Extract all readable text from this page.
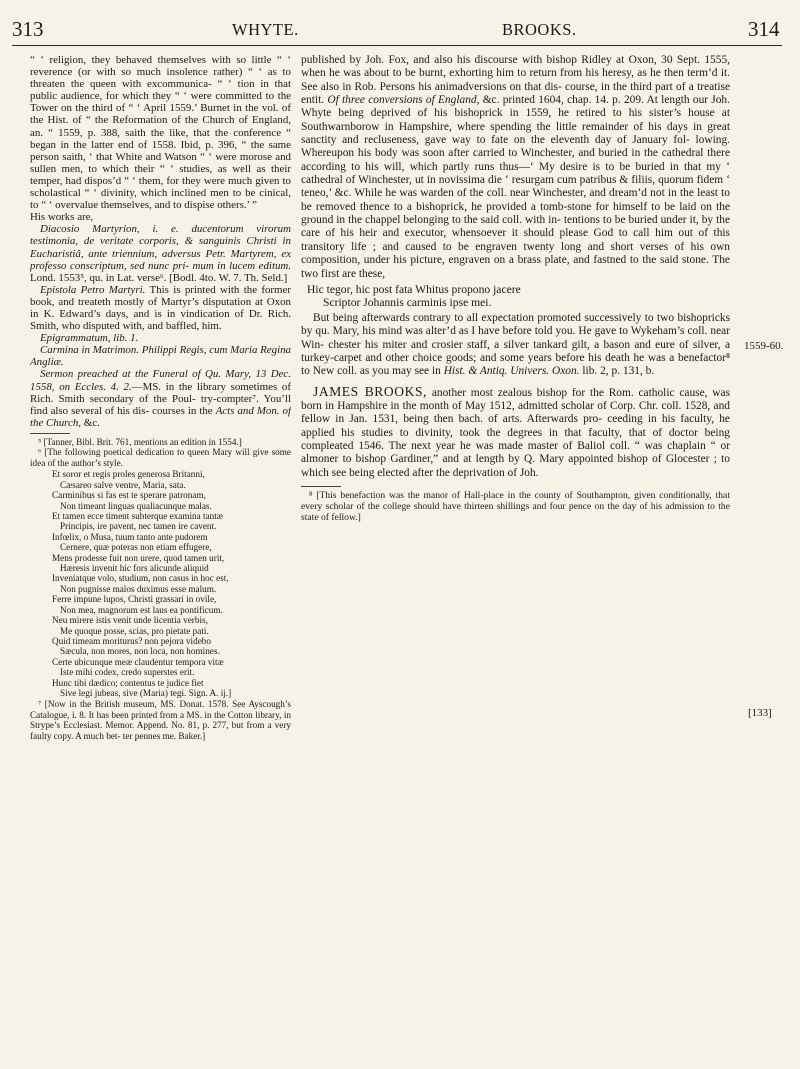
313	WHYTE.	BROOKS.	314
1559-60.
[133]

“ ‘ religion, they behaved themselves with so little “ ‘ reverence (or with so much insolence rather) “ ‘ as to threaten the queen with excommunica- “ ‘ tion in that public audience, for which they “ ‘ were committed to the Tower on the third of “ ‘ April 1559.’ Burnet in the vol. of the Hist. of “ the Reformation of the Church of England, an. “ 1559, p. 388, saith the like, that the conference “ began in the latter end of 1558. Ibid, p. 396, “ the same person saith, ‘ that White and Watson “ ‘ were morose and sullen men, to which their “ ‘ studies, as well as their temper, had dispos’d “ ‘ them, for they were much given to scholastical “ ‘ divinity, which inclined men to be cinical, to “ ‘ overvalue themselves, and to dispise others.’ ”

His works are,

Diacosio Martyrion, i. e. ducentorum virorum testimonia, de veritate corporis, & sanguinis Christi in Eucharistiâ, ante triennium, adversus Petr. Martyrem, ex professo conscriptum, sed nunc pri- mum in lucem editum. Lond. 1553⁵, qu. in Lat. verse⁶. [Bodl. 4to. W. 7. Th. Seld.]

Epistola Petro Martyri. This is printed with the former book, and treateth mostly of Martyr’s disputation at Oxon in K. Edward’s days, and is in vindication of Dr. Rich. Smith, who disputed with, and baffled, him.

Epigrammatum, lib. 1.

Carmina in Matrimon. Philippi Regis, cum Maria Regina Angliæ.

Sermon preached at the Funeral of Qu. Mary, 13 Dec. 1558, on Eccles. 4. 2.—MS. in the library sometimes of Rich. Smith secondary of the Poul- try-compter⁷. You’ll find also several of his dis- courses in the Acts and Mon. of the Church, &c.

⁵ [Tanner, Bibl. Brit. 761, mentions an edition in 1554.]

⁶ [The following poetical dedication to queen Mary will give some idea of the author’s style.

Et soror et regis proles generosa Britanni,
Cæsareo salve ventre, Maria, sata.
Carminibus si fas est te sperare patronam,
Non timeant linguas qualiacunque malas.
Et tamen ecce timent subterque examina tantæ
Principis, ire pavent, nec tamen ire cavent.
Infœlix, o Musa, tuum tanto ante pudorem
Cernere, quæ poteras non etiam effugere,
Mens prodesse fuit non urere, quod tamen urit,
Hæresis invenit hic fors alicunde aliquid
Inveniatque volo, studium, non casus in hoc est,
Non pugnisse malos duximus esse malum.
Ferre impune lupos, Christi grassari in ovile,
Non mea, magnorum est laus ea pontificum.
Neu mirere istis venit unde licentia verbis,
Me quoque posse, scias, pro pietate pati.
Quid timeam moriturus? non pejora videbo
Sæcula, non mores, non loca, non homines.
Certe ubicunque meæ claudentur tempora vitæ
Iste mihi codex, credo superstes erit.
Hunc tibi dædico; contentus te judice fiet
Sive legi jubeas, sive (Maria) tegi. Sign. A. ij.]

⁷ [Now in the British museum, MS. Donat. 1578. See Ayscough’s Catalogue, i. 8. It has been printed from a MS. in the Cotton library, in Strype’s Ecclesiast. Memor. Append. No. 81, p. 277, but from a very faulty copy. A much bet- ter pennes me. Baker.]

published by Joh. Fox, and also his discourse with bishop Ridley at Oxon, 30 Sept. 1555, when he was about to be burnt, exhorting him to return from his heresy, as he then term’d it. See also in Rob. Persons his animadversions on that dis- course, in the third part of a treatise entit. Of three conversions of England, &c. printed 1604, chap. 14. p. 209. At length our Joh. Whyte being deprived of his bishoprick in 1559, he retired to his sister’s house at Southwarnborow in Hampshire, where spending the little remainder of his days in great sanctity and recluseness, gave way to fate on the eleventh day of January fol- lowing. Whereupon his body was soon after carried to Winchester, and buried in the cathedral there according to his will, which partly runs thus—‘ My desire is to be buried in that my ‘ cathedral of Winchester, ut in novissima die ‘ resurgam cum patribus & filiis, quorum fidem ‘ teneo,’ &c. While he was warden of the coll. near Winchester, and dream’d not in the least to be removed thence to a bishoprick, he provided a tomb-stone for himself to be laid on the ground in the chappel belonging to the said coll. with in- tentions to be buried under it, by the care of his heir and executor, whensoever it should please God to call him out of this transitory life ; and caused to be engraven twenty long and short verses of his own composition, under his picture, engraven on a brass plate, and fastned to the said stone. The two first are these,

Hic tegor, hic post fata Whitus propono jacere
Scriptor Johannis carminis ipse mei.

But being afterwards contrary to all expectation promoted successively to two bishopricks by qu. Mary, his mind was alter’d as I have before told you. He gave to Wykeham’s coll. near Win- chester his miter and crosier staff, a silver tankard gilt, a bason and eure of silver, a turkey-carpet and other choice goods; and some years before his death he was a benefactor⁸ to New coll. as you may see in Hist. & Antiq. Univers. Oxon. lib. 2, p. 131, b.

JAMES BROOKS, another most zealous bishop for the Rom. catholic cause, was born in Hampshire in the month of May 1512, admitted scholar of Corp. Chr. coll. 1528, and fellow in Jan. 1531, being then bach. of arts. Afterwards pro- ceeding in his faculty, he applied his studies to divinity, took the degrees in that faculty, that of doctor being compleated 1546. The next year he was made master of Baliol coll. “ was chaplain “ or almoner to bishop Gardiner,” and at length by Q. Mary appointed bishop of Glocester ; to which see being elected after the deprivation of Joh.

⁸ [This benefaction was the manor of Hall-place in the county of Southampton, given conditionally, that every scholar of the college should have thirteen shillings and four pence on the day of his admission to the state of fellow.]
